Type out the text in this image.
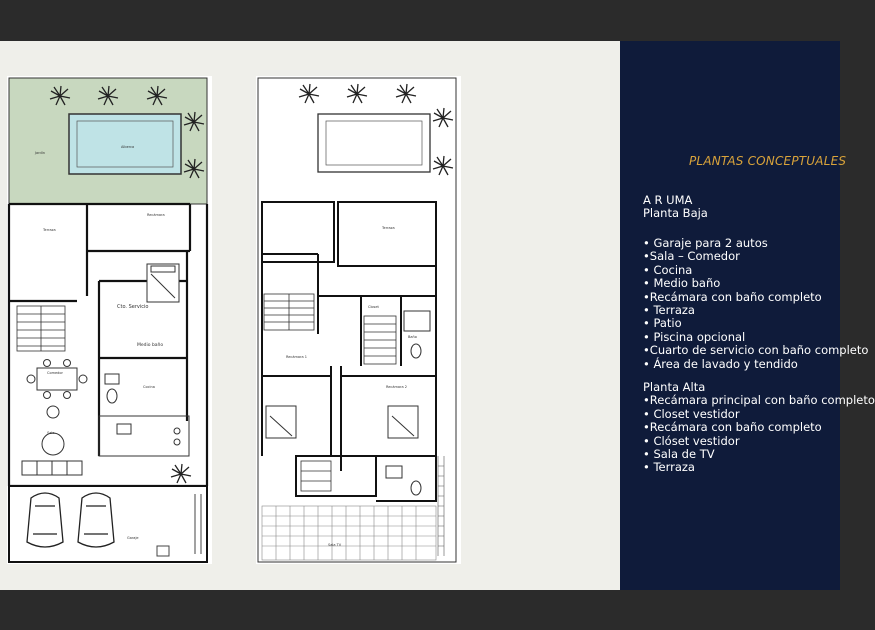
Jardín
Alberca
Terraza
Recámara
Cto. Servicio
Comedor
Medio baño
Cocina
Sala
Garaje
Terraza
Recámara 1
Recámara 2
Closet
Baño
Sala TV
PLANTAS CONCEPTUALES
A R UMA
Planta Baja
• Garaje para 2 autos
•Sala – Comedor
• Cocina
• Medio baño
•Recámara con baño completo
• Terraza
• Patio
• Piscina opcional
•Cuarto de servicio con baño completo
• Área de lavado y tendido
Planta Alta
•Recámara principal con baño completo
• Closet vestidor
•Recámara con baño completo
• Clóset vestidor
• Sala de TV
• Terraza
